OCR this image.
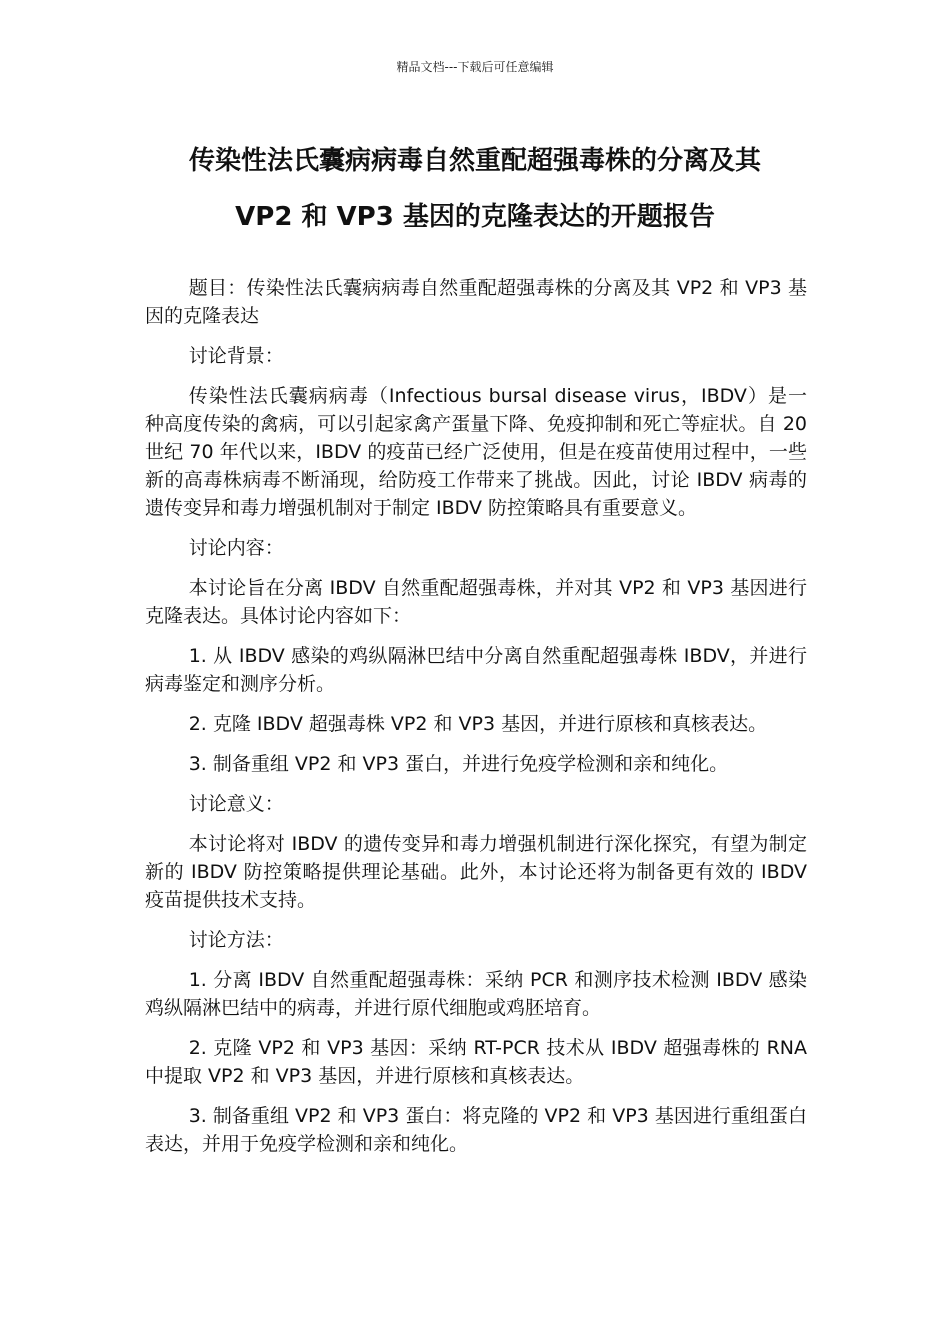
精品文档---下载后可任意编辑
传染性法氏囊病病毒自然重配超强毒株的分离及其
VP2 和 VP3 基因的克隆表达的开题报告

题目：传染性法氏囊病病毒自然重配超强毒株的分离及其 VP2 和 VP3 基因的克隆表达

讨论背景：

传染性法氏囊病病毒（Infectious bursal disease virus，IBDV）是一种高度传染的禽病，可以引起家禽产蛋量下降、免疫抑制和死亡等症状。自 20 世纪 70 年代以来，IBDV 的疫苗已经广泛使用，但是在疫苗使用过程中，一些新的高毒株病毒不断涌现，给防疫工作带来了挑战。因此，讨论 IBDV 病毒的遗传变异和毒力增强机制对于制定 IBDV 防控策略具有重要意义。

讨论内容：

本讨论旨在分离 IBDV 自然重配超强毒株，并对其 VP2 和 VP3 基因进行克隆表达。具体讨论内容如下：

1. 从 IBDV 感染的鸡纵隔淋巴结中分离自然重配超强毒株 IBDV，并进行病毒鉴定和测序分析。

2. 克隆 IBDV 超强毒株 VP2 和 VP3 基因，并进行原核和真核表达。

3. 制备重组 VP2 和 VP3 蛋白，并进行免疫学检测和亲和纯化。

讨论意义：

本讨论将对 IBDV 的遗传变异和毒力增强机制进行深化探究，有望为制定新的 IBDV 防控策略提供理论基础。此外，本讨论还将为制备更有效的 IBDV 疫苗提供技术支持。

讨论方法：

1. 分离 IBDV 自然重配超强毒株：采纳 PCR 和测序技术检测 IBDV 感染鸡纵隔淋巴结中的病毒，并进行原代细胞或鸡胚培育。

2. 克隆 VP2 和 VP3 基因：采纳 RT-PCR 技术从 IBDV 超强毒株的 RNA 中提取 VP2 和 VP3 基因，并进行原核和真核表达。

3. 制备重组 VP2 和 VP3 蛋白：将克隆的 VP2 和 VP3 基因进行重组蛋白表达，并用于免疫学检测和亲和纯化。
